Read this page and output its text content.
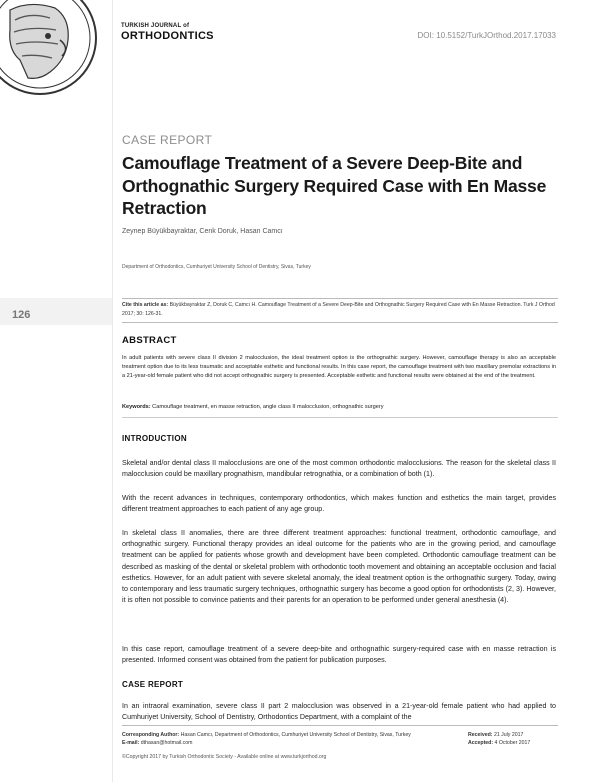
TURKISH JOURNAL of
ORTHODONTICS	DOI: 10.5152/TurkJOrthod.2017.17033
126
CASE REPORT
Camouflage Treatment of a Severe Deep-Bite and Orthognathic Surgery Required Case with En Masse Retraction
Zeynep Büyükbayraktar, Cenk Doruk, Hasan Camcı
Department of Orthodontics, Cumhuriyet University School of Dentistry, Sivas, Turkey
Cite this article as: Büyükbayraktar Z, Doruk C, Camcı H. Camouflage Treatment of a Severe Deep-Bite and Orthognathic Surgery Required Case with En Masse Retraction. Turk J Orthod 2017; 30: 126-31.
ABSTRACT
In adult patients with severe class II division 2 malocclusion, the ideal treatment option is the orthognathic surgery. However, camouflage therapy is also an acceptable treatment option due to its less traumatic and acceptable esthetic and functional results. In this case report, the camouflage treatment with two maxillary premolar extractions in a 21-year-old female patient who did not accept orthognathic surgery is presented. Acceptable esthetic and functional results were obtained at the end of the treatment.
Keywords: Camouflage treatment, en masse retraction, angle class II malocclusion, orthognathic surgery
INTRODUCTION
Skeletal and/or dental class II malocclusions are one of the most common orthodontic malocclusions. The reason for the skeletal class II malocclusion could be maxillary prognathism, mandibular retrognathia, or a combination of both (1).
With the recent advances in techniques, contemporary orthodontics, which makes function and esthetics the main target, provides different treatment approaches to each patient of any age group.
In skeletal class II anomalies, there are three different treatment approaches: functional treatment, orthodontic camouflage, and orthognathic surgery. Functional therapy provides an ideal outcome for the patients who are in the growing period, and camouflage treatment can be applied for patients whose growth and development have been completed. Orthodontic camouflage treatment can be described as masking of the dental or skeletal problem with orthodontic tooth movement and obtaining an acceptable occlusion and facial esthetics. However, for an adult patient with severe skeletal anomaly, the ideal treatment option is the orthognathic surgery. Today, owing to contemporary and less traumatic surgery techniques, orthognathic surgery has become a good option for orthodontists (2, 3). However, it is often not possible to convince patients and their parents for an operation to be performed under general anesthesia (4).
In this case report, camouflage treatment of a severe deep-bite and orthognathic surgery-required case with en masse retraction is presented. Informed consent was obtained from the patient for publication purposes.
CASE REPORT
In an intraoral examination, severe class II part 2 malocclusion was observed in a 21-year-old female patient who had applied to Cumhuriyet University, School of Dentistry, Orthodontics Department, with a complaint of the
Corresponding Author: Hasan Camcı, Department of Orthodontics, Cumhuriyet University School of Dentistry, Sivas, Turkey
E-mail: dthasan@hotmail.com
Received: 21 July 2017
Accepted: 4 October 2017
©Copyright 2017 by Turkish Orthodontic Society - Available online at www.turkjorthod.org
